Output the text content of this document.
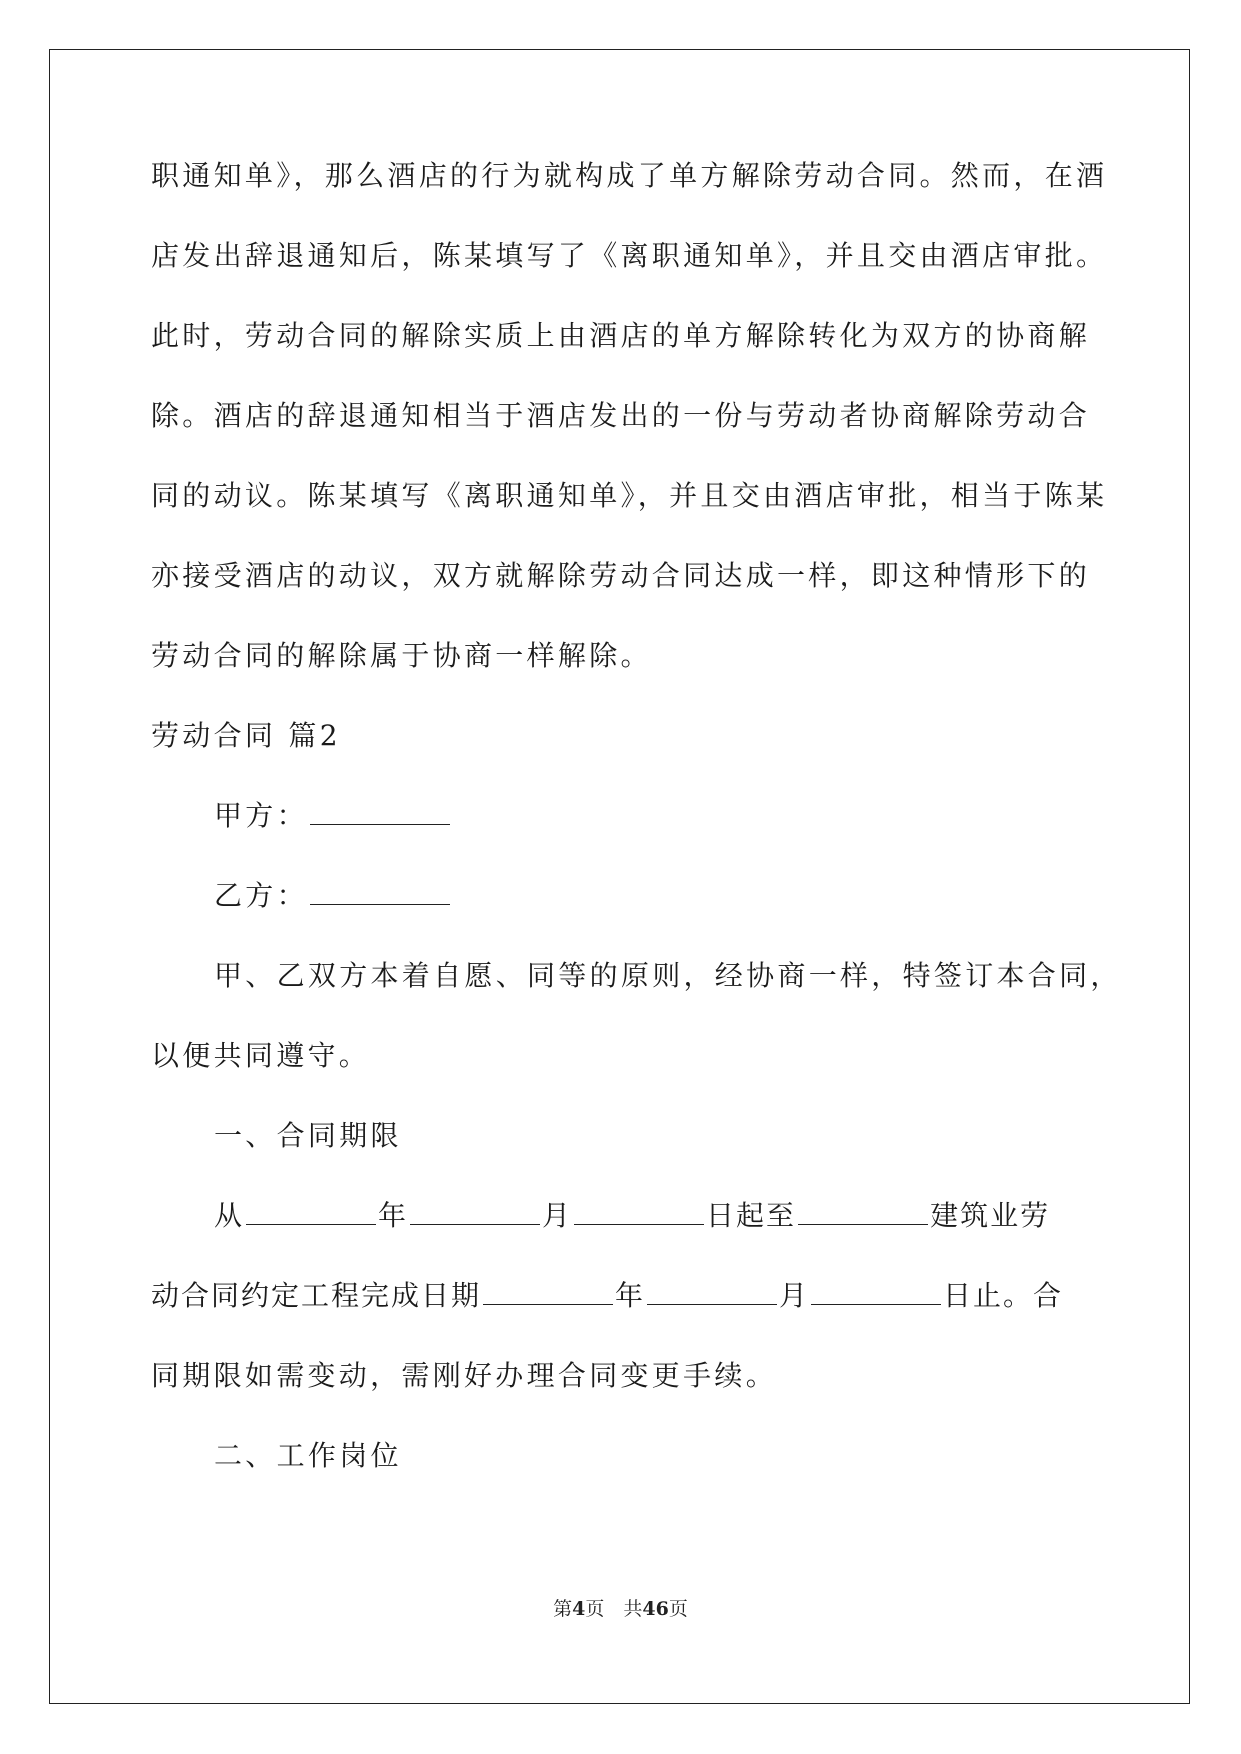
职通知单》，那么酒店的行为就构成了单方解除劳动合同。然而，在酒
店发出辞退通知后，陈某填写了《离职通知单》，并且交由酒店审批。
此时，劳动合同的解除实质上由酒店的单方解除转化为双方的协商解
除。酒店的辞退通知相当于酒店发出的一份与劳动者协商解除劳动合
同的动议。陈某填写《离职通知单》，并且交由酒店审批，相当于陈某
亦接受酒店的动议，双方就解除劳动合同达成一样，即这种情形下的
劳动合同的解除属于协商一样解除。
劳动合同 篇2
甲方：
乙方：
甲、乙双方本着自愿、同等的原则，经协商一样，特签订本合同，
以便共同遵守。
一、合同期限
从	年	月	日起至	建筑业劳
动合同约定工程完成日期	年	月	日止。合
同期限如需变动，需刚好办理合同变更手续。
二、工作岗位
第4页　共46页
